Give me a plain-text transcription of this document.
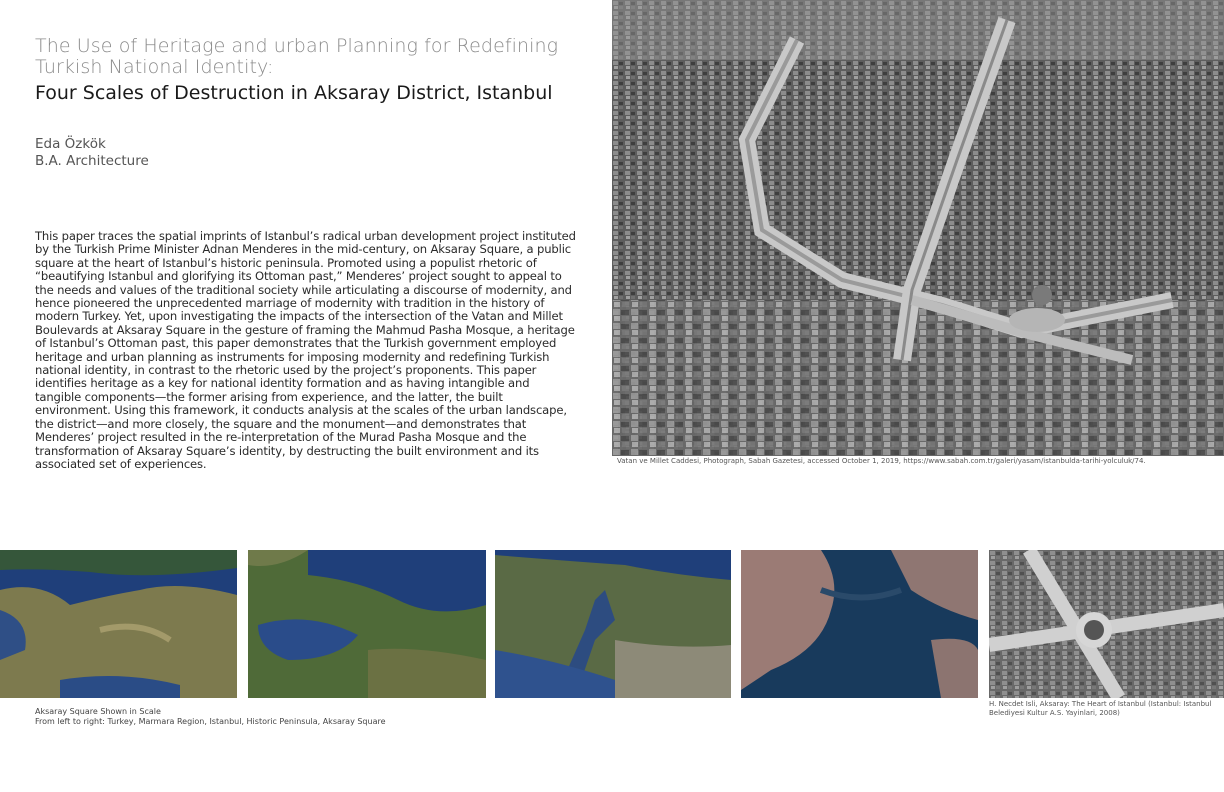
The Use of Heritage and urban Planning for Redefining
Turkish National Identity:
Four Scales of Destruction in Aksaray District, Istanbul
Eda Özkök
B.A. Architecture
This paper traces the spatial imprints of Istanbul’s radical urban development project instituted by the Turkish Prime Minister Adnan Menderes in the mid-century, on Aksaray Square, a public square at the heart of Istanbul’s historic peninsula. Promoted using a populist rhetoric of “beautifying Istanbul and glorifying its Ottoman past,” Menderes’ project sought to appeal to the needs and values of the traditional society while articulating a discourse of modernity, and hence pioneered the unprecedented marriage of modernity with tradition in the history of modern Turkey. Yet, upon investigating the impacts of the intersection of the Vatan and Millet Boulevards at Aksaray Square in the gesture of framing the Mahmud Pasha Mosque, a heritage of Istanbul’s Ottoman past, this paper demonstrates that the Turkish government employed heritage and urban planning as instruments for imposing modernity and redefining Turkish national identity, in contrast to the rhetoric used by the project’s proponents. This paper identifies heritage as a key for national identity formation and as having intangible and tangible components—the former arising from experience, and the latter, the built environment. Using this framework, it conducts analysis at the scales of the urban landscape, the district—and more closely, the square and the monument—and demonstrates that Menderes’ project resulted in the re-interpretation of the Murad Pasha Mosque and the transformation of Aksaray Square’s identity, by destructing the built environment and its associated set of experiences.	Vatan ve Millet Caddesi, Photograph, Sabah Gazetesi, accessed October 1, 2019, https://www.sabah.com.tr/galeri/yasam/istanbulda-tarihi-yolculuk/74.
Aksaray Square Shown in Scale
From left to right: Turkey, Marmara Region, Istanbul, Historic Peninsula, Aksaray Square
H. Necdet Isli, Aksaray: The Heart of Istanbul (Istanbul: Istanbul Belediyesi Kultur A.S. Yayinlari, 2008)
